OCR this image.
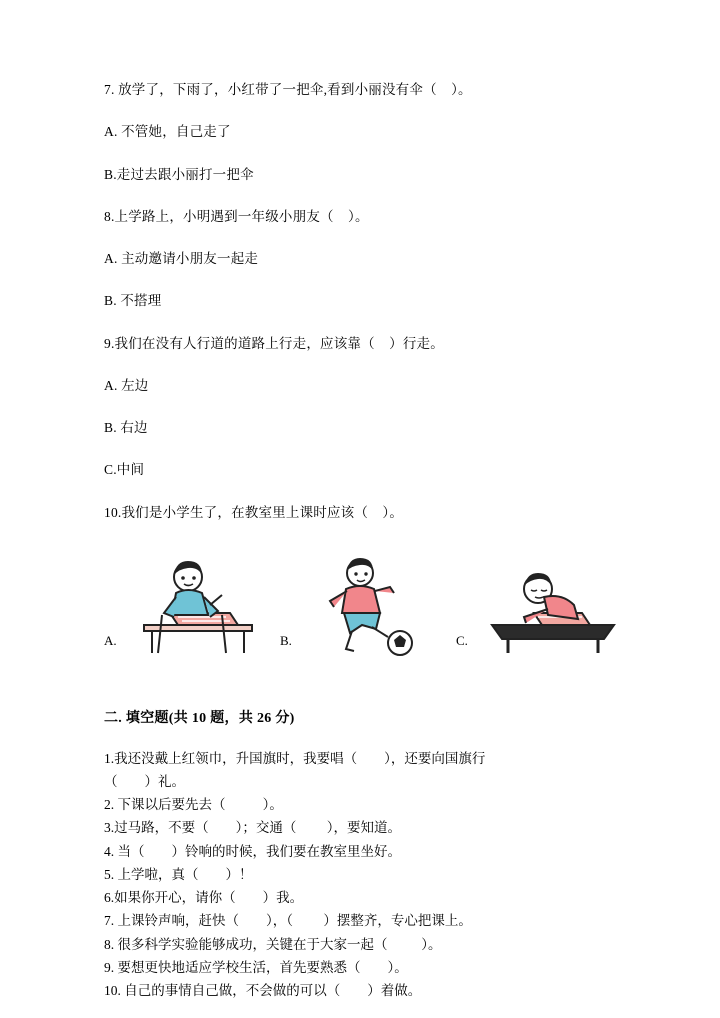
7. 放学了，下雨了，小红带了一把伞,看到小丽没有伞（    ）。

A. 不管她，自己走了

B.走过去跟小丽打一把伞

8.上学路上，小明遇到一年级小朋友（    ）。

A. 主动邀请小朋友一起走

B. 不搭理

9.我们在没有人行道的道路上行走，应该靠（    ）行走。

A. 左边

B. 右边

C.中间

10.我们是小学生了，在教室里上课时应该（    ）。

A.	B.	C.
二. 填空题(共 10 题，共 26 分)
1.我还没戴上红领巾，升国旗时，我要唱（        ），还要向国旗行
（        ）礼。
2. 下课以后要先去（           ）。
3.过马路，不要（        ）；交通（         ），要知道。
4. 当（        ）铃响的时候，我们要在教室里坐好。
5. 上学啦，真（        ）！
6.如果你开心，请你（        ）我。
7. 上课铃声响，赶快（        ），（         ）摆整齐，专心把课上。
8. 很多科学实验能够成功，关键在于大家一起（          ）。
9. 要想更快地适应学校生活，首先要熟悉（        ）。
10. 自己的事情自己做，不会做的可以（        ）着做。
